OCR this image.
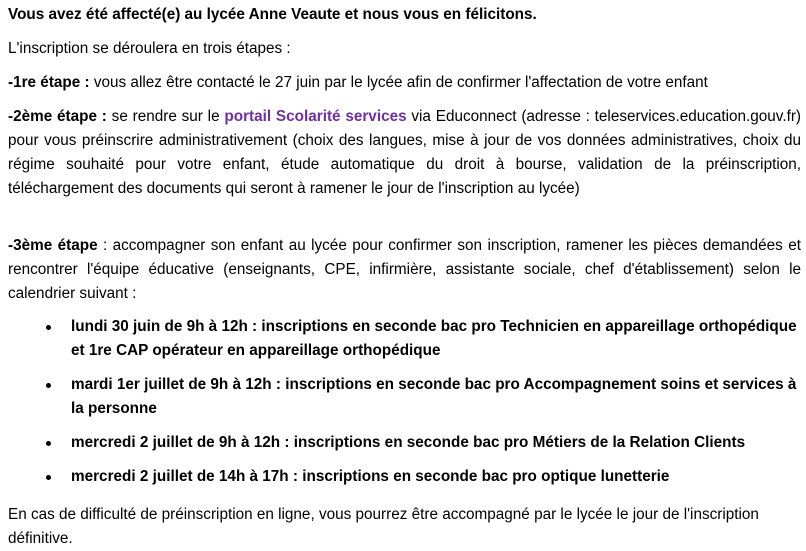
Vous avez été affecté(e) au lycée Anne Veaute et nous vous en félicitons.

L'inscription se déroulera en trois étapes :

-1re étape : vous allez être contacté le 27 juin par le lycée afin de confirmer l'affectation de votre enfant

-2ème étape : se rendre sur le portail Scolarité services via Educonnect (adresse : teleservices.education.gouv.fr) pour vous préinscrire administrativement (choix des langues, mise à jour de vos données administratives, choix du régime souhaité pour votre enfant, étude automatique du droit à bourse, validation de la préinscription, téléchargement des documents qui seront à ramener le jour de l'inscription au lycée)

-3ème étape : accompagner son enfant au lycée pour confirmer son inscription, ramener les pièces demandées et rencontrer l'équipe éducative (enseignants, CPE, infirmière, assistante sociale, chef d'établissement) selon le calendrier suivant :

lundi 30 juin de 9h à 12h : inscriptions en seconde bac pro Technicien en appareillage orthopédique et 1re CAP opérateur en appareillage orthopédique
mardi 1er juillet de 9h à 12h : inscriptions en seconde bac pro Accompagnement soins et services à la personne
mercredi 2 juillet de 9h à 12h : inscriptions en seconde bac pro Métiers de la Relation Clients
mercredi 2 juillet de 14h à 17h : inscriptions en seconde bac pro optique lunetterie

En cas de difficulté de préinscription en ligne, vous pourrez être accompagné par le lycée le jour de l'inscription définitive.
